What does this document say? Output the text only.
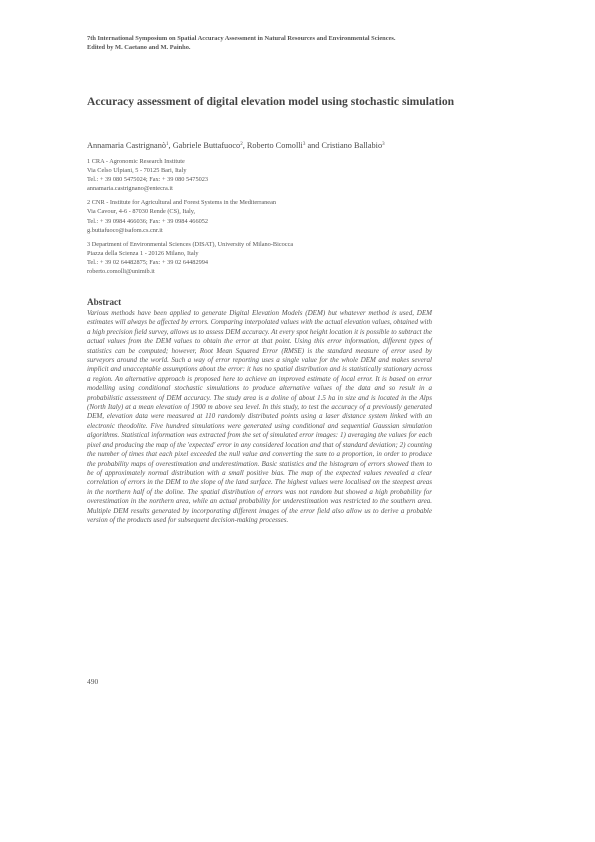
7th International Symposium on Spatial Accuracy Assessment in Natural Resources and Environmental Sciences.
Edited by M. Caetano and M. Painho.
Accuracy assessment of digital elevation model using stochastic simulation
Annamaria Castrignanò$^1$, Gabriele Buttafuoco$^2$, Roberto Comolli$^3$ and Cristiano Ballabio$^3$
1 CRA - Agronomic Research Institute
Via Celso Ulpiani, 5 - 70125 Bari, Italy
Tel.: + 39 080 5475024; Fax: + 39 080 5475023
annamaria.castrignano@entecra.it
2 CNR - Institute for Agricultural and Forest Systems in the Mediterranean
Via Cavour, 4-6 - 87030 Rende (CS), Italy,
Tel.: + 39 0984 466036; Fax: + 39 0984 466052
g.buttafuoco@isafom.cs.cnr.it
3 Department of Environmental Sciences (DISAT), University of Milano-Bicocca
Piazza della Scienza 1 - 20126 Milano, Italy
Tel.: + 39 02 64482875; Fax: + 39 02 64482994
roberto.comolli@unimib.it
Abstract
Various methods have been applied to generate Digital Elevation Models (DEM) but whatever method is used, DEM estimates will always be affected by errors. Comparing interpolated values with the actual elevation values, obtained with a high precision field survey, allows us to assess DEM accuracy. At every spot height location it is possible to subtract the actual values from the DEM values to obtain the error at that point. Using this error information, different types of statistics can be computed; however, Root Mean Squared Error (RMSE) is the standard measure of error used by surveyors around the world. Such a way of error reporting uses a single value for the whole DEM and makes several implicit and unacceptable assumptions about the error: it has no spatial distribution and is statistically stationary across a region. An alternative approach is proposed here to achieve an improved estimate of local error. It is based on error modelling using conditional stochastic simulations to produce alternative values of the data and so result in a probabilistic assessment of DEM accuracy. The study area is a doline of about 1.5 ha in size and is located in the Alps (North Italy) at a mean elevation of 1900 m above sea level. In this study, to test the accuracy of a previously generated DEM, elevation data were measured at 110 randomly distributed points using a laser distance system linked with an electronic theodolite. Five hundred simulations were generated using conditional and sequential Gaussian simulation algorithms. Statistical information was extracted from the set of simulated error images: 1) averaging the values for each pixel and producing the map of the 'expected' error in any considered location and that of standard deviation; 2) counting the number of times that each pixel exceeded the null value and converting the sum to a proportion, in order to produce the probability maps of overestimation and underestimation. Basic statistics and the histogram of errors showed them to be of approximately normal distribution with a small positive bias. The map of the expected values revealed a clear correlation of errors in the DEM to the slope of the land surface. The highest values were localised on the steepest areas in the northern half of the doline. The spatial distribution of errors was not random but showed a high probability for overestimation in the northern area, while an actual probability for underestimation was restricted to the southern area. Multiple DEM results generated by incorporating different images of the error field also allow us to derive a probable version of the products used for subsequent decision-making processes.
490
